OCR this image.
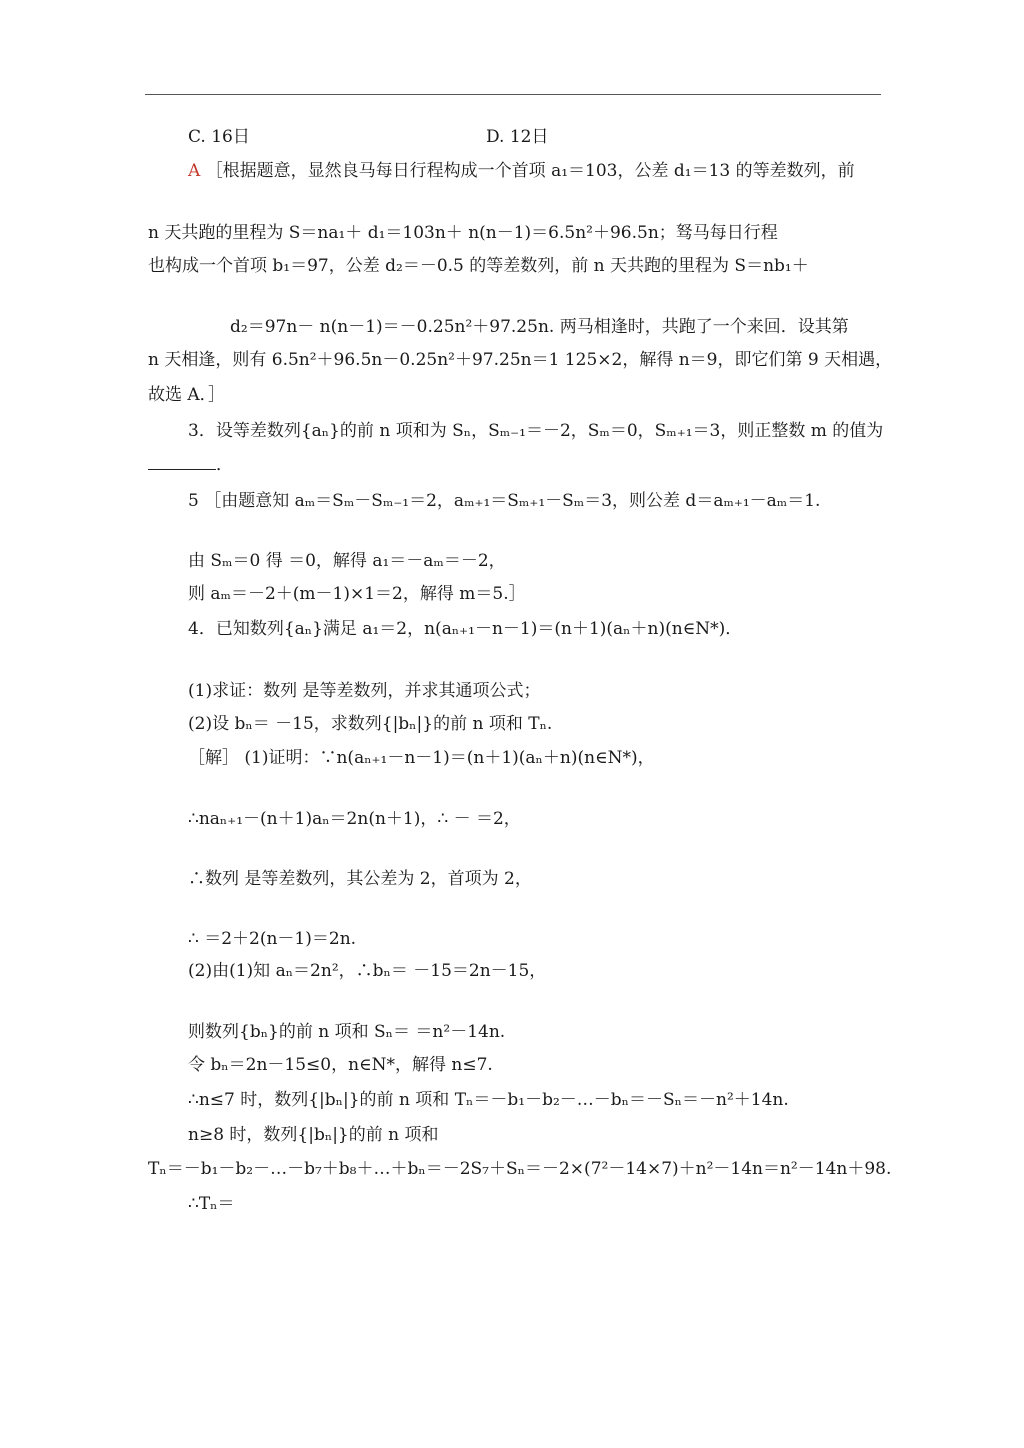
C. 16日	D. 12日
A ［根据题意，显然良马每日行程构成一个首项 a₁＝103，公差 d₁＝13 的等差数列，前
n 天共跑的里程为 S＝na₁＋ d₁＝103n＋ n(n－1)＝6.5n²＋96.5n；驽马每日行程
也构成一个首项 b₁＝97，公差 d₂＝－0.5 的等差数列，前 n 天共跑的里程为 S＝nb₁＋
d₂＝97n－ n(n－1)＝－0.25n²＋97.25n. 两马相逢时，共跑了一个来回．设其第
n 天相逢，则有 6.5n²＋96.5n－0.25n²＋97.25n＝1 125×2，解得 n＝9，即它们第 9 天相遇，
故选 A．］
3．设等差数列{aₙ}的前 n 项和为 Sₙ，Sₘ₋₁＝－2，Sₘ＝0，Sₘ₊₁＝3，则正整数 m 的值为
．
5 ［由题意知 aₘ＝Sₘ－Sₘ₋₁＝2，aₘ₊₁＝Sₘ₊₁－Sₘ＝3，则公差 d＝aₘ₊₁－aₘ＝1.
由 Sₘ＝0 得 ＝0，解得 a₁＝－aₘ＝－2，
则 aₘ＝－2＋(m－1)×1＝2，解得 m＝5.］
4．已知数列{aₙ}满足 a₁＝2，n(aₙ₊₁－n－1)＝(n＋1)(aₙ＋n)(n∈N*)．
(1)求证：数列 是等差数列，并求其通项公式；
(2)设 bₙ＝ －15，求数列{|bₙ|}的前 n 项和 Tₙ.
［解］ (1)证明：∵n(aₙ₊₁－n－1)＝(n＋1)(aₙ＋n)(n∈N*)，
∴naₙ₊₁－(n＋1)aₙ＝2n(n＋1)，∴ － ＝2，
∴数列 是等差数列，其公差为 2，首项为 2，
∴ ＝2＋2(n－1)＝2n.
(2)由(1)知 aₙ＝2n²，∴bₙ＝ －15＝2n－15，
则数列{bₙ}的前 n 项和 Sₙ＝ ＝n²－14n.
令 bₙ＝2n－15≤0，n∈N*，解得 n≤7.
∴n≤7 时，数列{|bₙ|}的前 n 项和 Tₙ＝－b₁－b₂－…－bₙ＝－Sₙ＝－n²＋14n.
n≥8 时，数列{|bₙ|}的前 n 项和
Tₙ＝－b₁－b₂－…－b₇＋b₈＋…＋bₙ＝－2S₇＋Sₙ＝－2×(7²－14×7)＋n²－14n＝n²－14n＋98.
∴Tₙ＝
